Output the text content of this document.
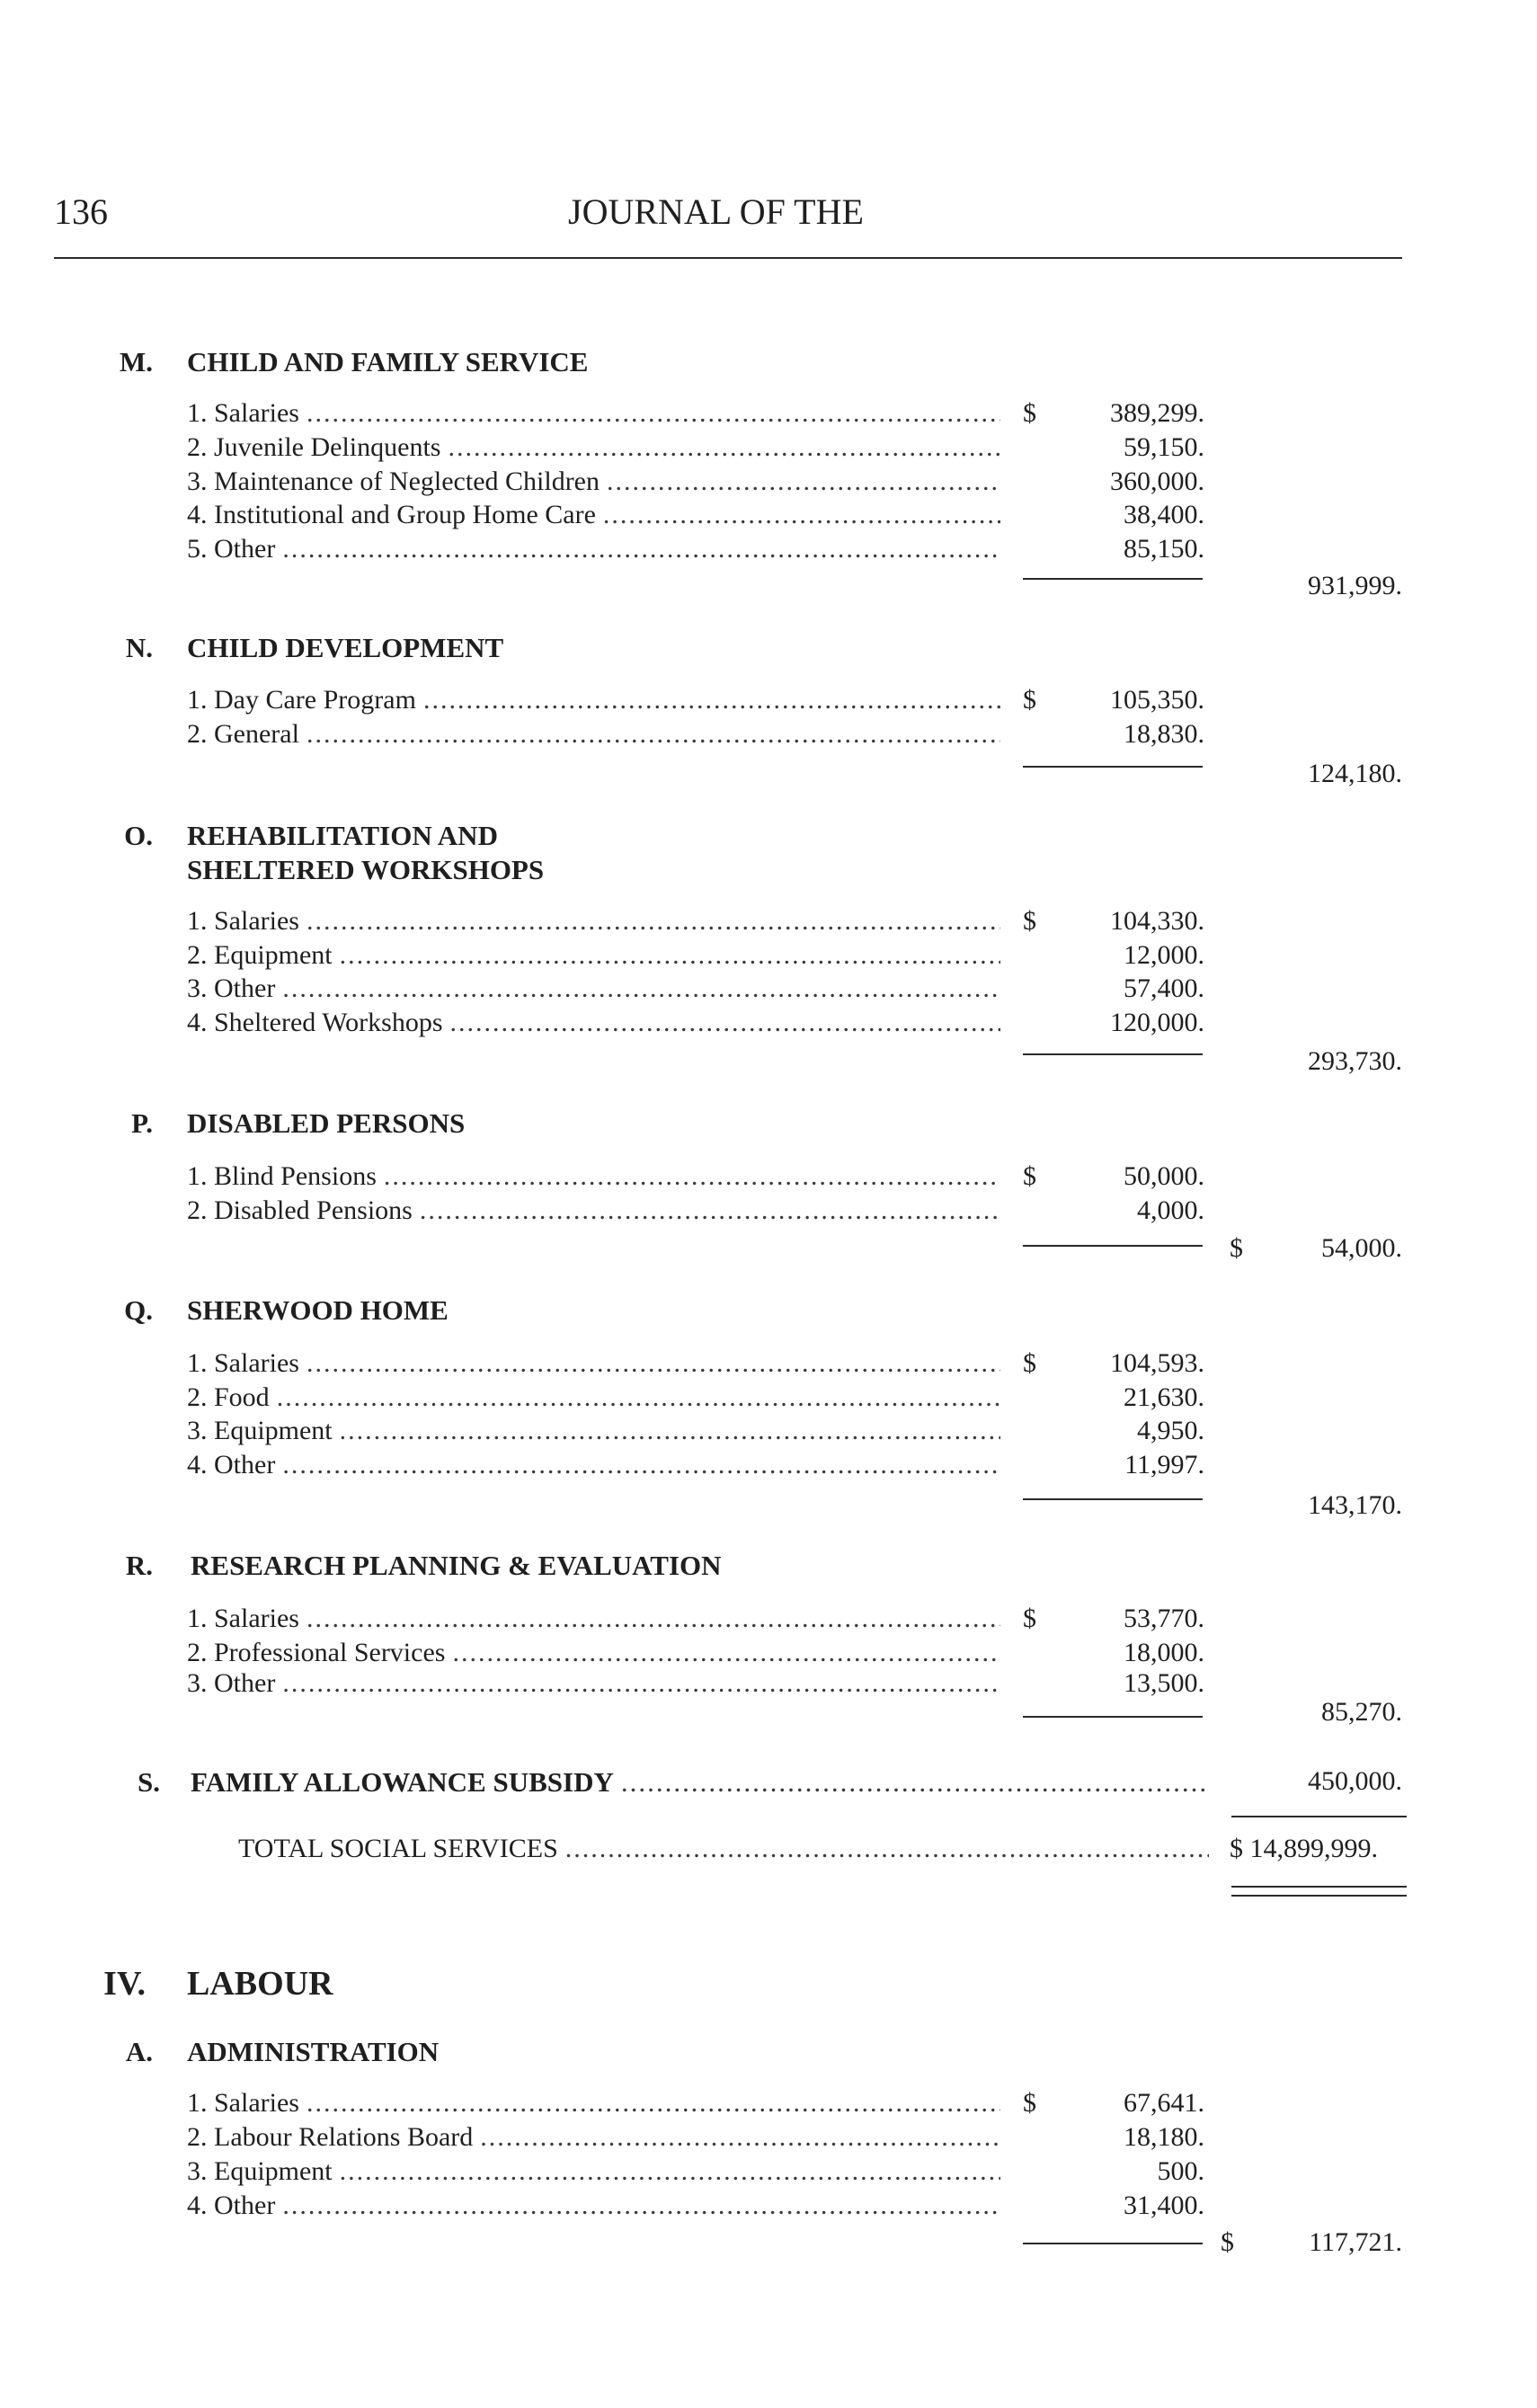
136	JOURNAL OF THE
M. CHILD AND FAMILY SERVICE
1. Salaries .....	$	389,299.
2. Juvenile Delinquents .....	59,150.
3. Maintenance of Neglected Children .....	360,000.
4. Institutional and Group Home Care .....	38,400.
5. Other .....	85,150.
931,999.
N. CHILD DEVELOPMENT
1. Day Care Program .....	$	105,350.
2. General .....	18,830.
124,180.
O. REHABILITATION AND
SHELTERED WORKSHOPS
1. Salaries .....	$	104,330.
2. Equipment .....	12,000.
3. Other .....	57,400.
4. Sheltered Workshops .....	120,000.
293,730.
P. DISABLED PERSONS
1. Blind Pensions .....	$	50,000.
2. Disabled Pensions .....	4,000.
$	54,000.
Q. SHERWOOD HOME
1. Salaries .....	$	104,593.
2. Food .....	21,630.
3. Equipment .....	4,950.
4. Other .....	11,997.
143,170.
R. RESEARCH PLANNING & EVALUATION
1. Salaries .....	$	53,770.
2. Professional Services .....	18,000.
3. Other .....	13,500.
85,270.
S. FAMILY ALLOWANCE SUBSIDY .....	450,000.
TOTAL SOCIAL SERVICES .....	$ 14,899,999.
IV. LABOUR
A. ADMINISTRATION
1. Salaries .....	$	67,641.
2. Labour Relations Board .....	18,180.
3. Equipment .....	500.
4. Other .....	31,400.
$	117,721.
